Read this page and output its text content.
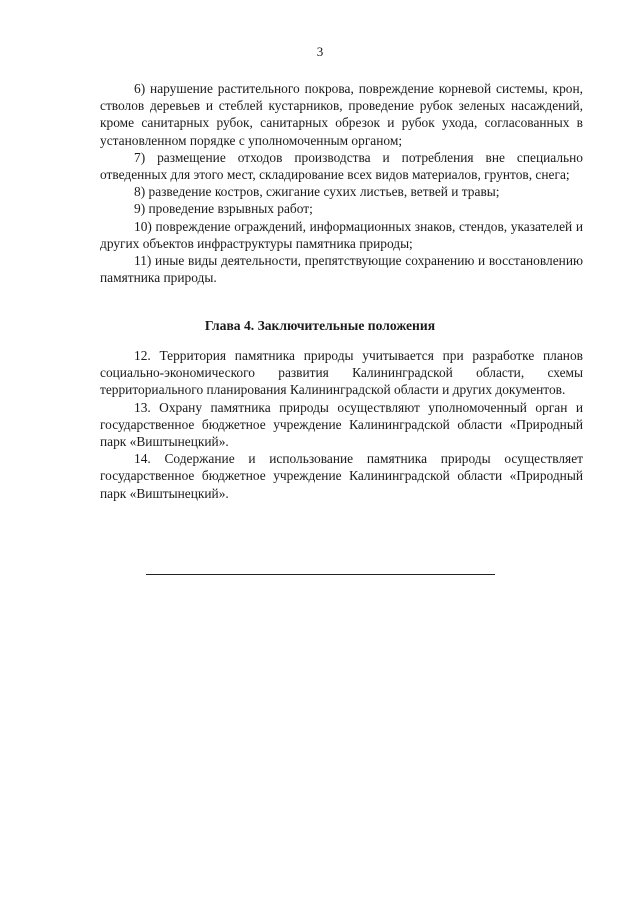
3

6) нарушение растительного покрова, повреждение корневой системы, крон, стволов деревьев и стеблей кустарников, проведение рубок зеленых насаждений, кроме санитарных рубок, санитарных обрезок и рубок ухода, согласованных в установленном порядке с уполномоченным органом;

7) размещение отходов производства и потребления вне специально отведенных для этого мест, складирование всех видов материалов, грунтов, снега;

8) разведение костров, сжигание сухих листьев, ветвей и травы;

9) проведение взрывных работ;

10) повреждение ограждений, информационных знаков, стендов, указателей и других объектов инфраструктуры памятника природы;

11) иные виды деятельности, препятствующие сохранению и восстановлению памятника природы.

Глава 4. Заключительные положения

12. Территория памятника природы учитывается при разработке планов социально-экономического развития Калининградской области, схемы территориального планирования Калининградской области и других документов.

13. Охрану памятника природы осуществляют уполномоченный орган и государственное бюджетное учреждение Калининградской области «Природный парк «Виштынецкий».

14. Содержание и использование памятника природы осуществляет государственное бюджетное учреждение Калининградской области «Природный парк «Виштынецкий».
